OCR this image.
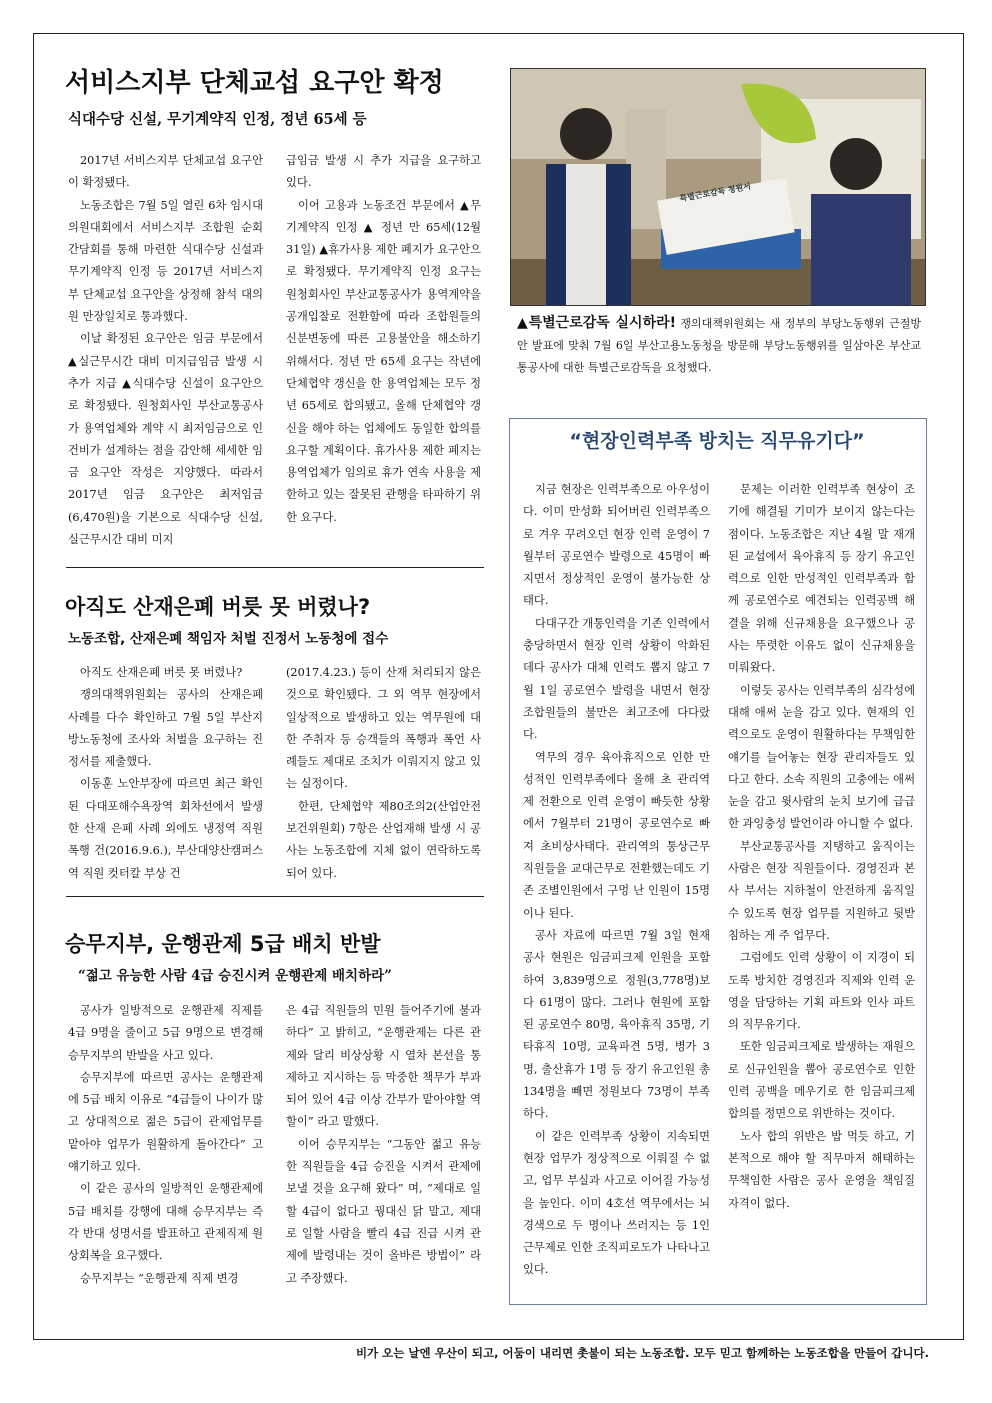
서비스지부 단체교섭 요구안 확정
식대수당 신설, 무기계약직 인정, 정년 65세 등

2017년 서비스지부 단체교섭 요구안이 확정됐다.

노동조합은 7월 5일 열린 6차 임시대의원대회에서 서비스지부 조합원 순회간담회를 통해 마련한 식대수당 신설과 무기계약직 인정 등 2017년 서비스지부 단체교섭 요구안을 상정해 참석 대의원 만장일치로 통과했다.

이날 확정된 요구안은 임금 부문에서 ▲실근무시간 대비 미지급임금 발생 시 추가 지급 ▲식대수당 신설이 요구안으로 확정됐다. 원청회사인 부산교통공사가 용역업체와 계약 시 최저임금으로 인건비가 설계하는 점을 감안해 세세한 임금 요구안 작성은 지양했다. 따라서 2017년 임금 요구안은 최저임금(6,470원)을 기본으로 식대수당 신설, 실근무시간 대비 미지

급임금 발생 시 추가 지급을 요구하고 있다.

이어 고용과 노동조건 부문에서 ▲무기계약직 인정 ▲ 정년 만 65세(12월 31일) ▲휴가사용 제한 폐지가 요구안으로 확정됐다. 무기계약직 인정 요구는 원청회사인 부산교통공사가 용역계약을 공개입찰로 전환함에 따라 조합원들의 신분변동에 따른 고용불안을 해소하기 위해서다. 정년 만 65세 요구는 작년에 단체협약 갱신을 한 용역업체는 모두 정년 65세로 합의됐고, 올해 단체협약 갱신을 해야 하는 업체에도 동일한 합의를 요구할 계획이다. 휴가사용 제한 폐지는 용역업체가 임의로 휴가 연속 사용을 제한하고 있는 잘못된 관행을 타파하기 위한 요구다.

특별근로감독 청원서
▲특별근로감독 실시하라! 쟁의대책위원회는 새 정부의 부당노동행위 근절방안 발표에 맞춰 7월 6일 부산고용노동청을 방문해 부당노동행위를 일삼아온 부산교통공사에 대한 특별근로감독을 요청했다.
아직도 산재은폐 버릇 못 버렸나?
노동조합, 산재은폐 책임자 처벌 진정서 노동청에 접수

아직도 산재은폐 버릇 못 버렸나?

쟁의대책위원회는 공사의 산재은폐 사례를 다수 확인하고 7월 5일 부산지방노동청에 조사와 처벌을 요구하는 진정서를 제출했다.

이동훈 노안부장에 따르면 최근 확인된 다대포해수욕장역 회차선에서 발생한 산재 은폐 사례 외에도 냉정역 직원 폭행 건(2016.9.6.), 부산대양산캠퍼스역 직원 컷터칼 부상 건

(2017.4.23.) 등이 산재 처리되지 않은 것으로 확인됐다. 그 외 역무 현장에서 일상적으로 발생하고 있는 역무원에 대한 주취자 등 승객들의 폭행과 폭언 사례들도 제대로 조치가 이뤄지지 않고 있는 실정이다.

한편, 단체협약 제80조의2(산업안전보건위원회) 7항은 산업재해 발생 시 공사는 노동조합에 지체 없이 연락하도록 되어 있다.

승무지부, 운행관제 5급 배치 반발
“젊고 유능한 사람 4급 승진시켜 운행관제 배치하라”

공사가 일방적으로 운행관제 직제를 4급 9명을 줄이고 5급 9명으로 변경해 승무지부의 반발을 사고 있다.

승무지부에 따르면 공사는 운행관제에 5급 배치 이유로 “4급들이 나이가 많고 상대적으로 젊은 5급이 관제업무를 맡아야 업무가 원활하게 돌아간다” 고 얘기하고 있다.

이 같은 공사의 일방적인 운행관제에 5급 배치를 강행에 대해 승무지부는 즉각 반대 성명서를 발표하고 관제직제 원상회복을 요구했다.

승무지부는 “운행관제 직제 변경

은 4급 직원들의 민원 들어주기에 불과하다” 고 밝히고, “운행관제는 다른 관제와 달리 비상상황 시 열차 본선을 통제하고 지시하는 등 막중한 책무가 부과되어 있어 4급 이상 간부가 맡아야할 역할이” 라고 말했다.

이어 승무지부는 “그동안 젊고 유능한 직원들을 4급 승진을 시켜서 관제에 보낼 것을 요구해 왔다” 며, “제대로 일할 4급이 없다고 꿩대신 닭 말고, 제대로 일할 사람을 빨리 4급 진급 시켜 관제에 발령내는 것이 올바른 방법이” 라고 주장했다.

“현장인력부족 방치는 직무유기다”

지금 현장은 인력부족으로 아우성이다. 이미 만성화 되어버린 인력부족으로 겨우 꾸려오던 현장 인력 운영이 7월부터 공로연수 발령으로 45명이 빠지면서 정상적인 운영이 불가능한 상태다.

다대구간 개통인력을 기존 인력에서 충당하면서 현장 인력 상황이 악화된 데다 공사가 대체 인력도 뽑지 않고 7월 1일 공로연수 발령을 내면서 현장 조합원들의 불만은 최고조에 다다랐다.

역무의 경우 육아휴직으로 인한 만성적인 인력부족에다 올해 초 관리역제 전환으로 인력 운영이 빠듯한 상황에서 7월부터 21명이 공로연수로 빠져 초비상사태다. 관리역의 통상근무 직원들을 교대근무로 전환했는데도 기존 조별인원에서 구멍 난 인원이 15명이나 된다.

공사 자료에 따르면 7월 3일 현재 공사 현원은 임금피크제 인원을 포함하여 3,839명으로 정원(3,778명)보다 61명이 많다. 그러나 현원에 포함된 공로연수 80명, 육아휴직 35명, 기타휴직 10명, 교육파견 5명, 병가 3명, 출산휴가 1명 등 장기 유고인원 총 134명을 빼면 정원보다 73명이 부족하다.

이 같은 인력부족 상황이 지속되면 현장 업무가 정상적으로 이뤄질 수 없고, 업무 부실과 사고로 이어질 가능성을 높인다. 이미 4호선 역무에서는 뇌경색으로 두 명이나 쓰러지는 등 1인근무제로 인한 조직피로도가 나타나고 있다.

문제는 이러한 인력부족 현상이 조기에 해결될 기미가 보이지 않는다는 점이다. 노동조합은 지난 4월 말 재개된 교섭에서 육아휴직 등 장기 유고인력으로 인한 만성적인 인력부족과 함께 공로연수로 예견되는 인력공백 해결을 위해 신규채용을 요구했으나 공사는 뚜렷한 이유도 없이 신규채용을 미뤄왔다.

이렇듯 공사는 인력부족의 심각성에 대해 애써 눈을 감고 있다. 현재의 인력으로도 운영이 원활하다는 무책임한 얘기를 늘어놓는 현장 관리자들도 있다고 한다. 소속 직원의 고충에는 애써 눈을 감고 윗사람의 눈치 보기에 급급한 과잉충성 발언이라 아니할 수 없다.

부산교통공사를 지탱하고 움직이는 사람은 현장 직원들이다. 경영진과 본사 부서는 지하철이 안전하게 움직일 수 있도록 현장 업무를 지원하고 뒷받침하는 게 주 업무다.

그럼에도 인력 상황이 이 지경이 되도록 방치한 경영진과 직제와 인력 운영을 담당하는 기획 파트와 인사 파트의 직무유기다.

또한 임금피크제로 발생하는 재원으로 신규인원을 뽑아 공로연수로 인한 인력 공백을 메우기로 한 임금피크제 합의를 정면으로 위반하는 것이다.

노사 합의 위반은 밥 먹듯 하고, 기본적으로 해야 할 직무마저 해태하는 무책임한 사람은 공사 운영을 책임질 자격이 없다.

비가 오는 날엔 우산이 되고, 어둠이 내리면 촛불이 되는 노동조합. 모두 믿고 함께하는 노동조합을 만들어 갑니다.
